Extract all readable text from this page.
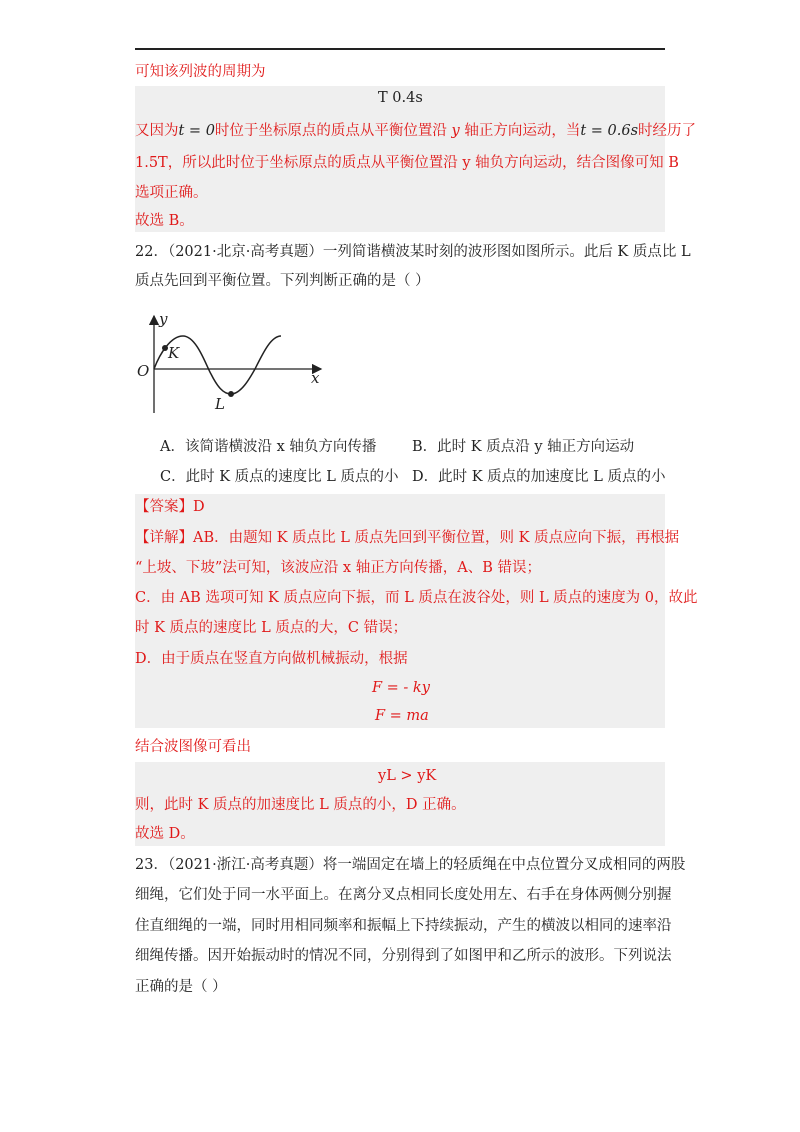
可知该列波的周期为
T 0.4s
又因为t = 0时位于坐标原点的质点从平衡位置沿 y 轴正方向运动，当t = 0.6s时经历了
1.5T，所以此时位于坐标原点的质点从平衡位置沿 y 轴负方向运动，结合图像可知 B
选项正确。
故选 B。
22．（2021·北京·高考真题）一列简谐横波某时刻的波形图如图所示。此后 K 质点比 L
质点先回到平衡位置。下列判断正确的是（ ）
y
x
O
K
L
A．该简谐横波沿 x 轴负方向传播 B．此时 K 质点沿 y 轴正方向运动
C．此时 K 质点的速度比 L 质点的小 D．此时 K 质点的加速度比 L 质点的小
【答案】D
【详解】AB．由题知 K 质点比 L 质点先回到平衡位置，则 K 质点应向下振，再根据
“上坡、下坡”法可知，该波应沿 x 轴正方向传播，A、B 错误；
C．由 AB 选项可知 K 质点应向下振，而 L 质点在波谷处，则 L 质点的速度为 0，故此
时 K 质点的速度比 L 质点的大，C 错误；
D．由于质点在竖直方向做机械振动，根据
F = - ky
F = ma
结合波图像可看出
yL > yK
则，此时 K 质点的加速度比 L 质点的小，D 正确。
故选 D。
23．（2021·浙江·高考真题）将一端固定在墙上的轻质绳在中点位置分叉成相同的两股
细绳，它们处于同一水平面上。在离分叉点相同长度处用左、右手在身体两侧分别握
住直细绳的一端，同时用相同频率和振幅上下持续振动，产生的横波以相同的速率沿
细绳传播。因开始振动时的情况不同，分别得到了如图甲和乙所示的波形。下列说法
正确的是（ ）
